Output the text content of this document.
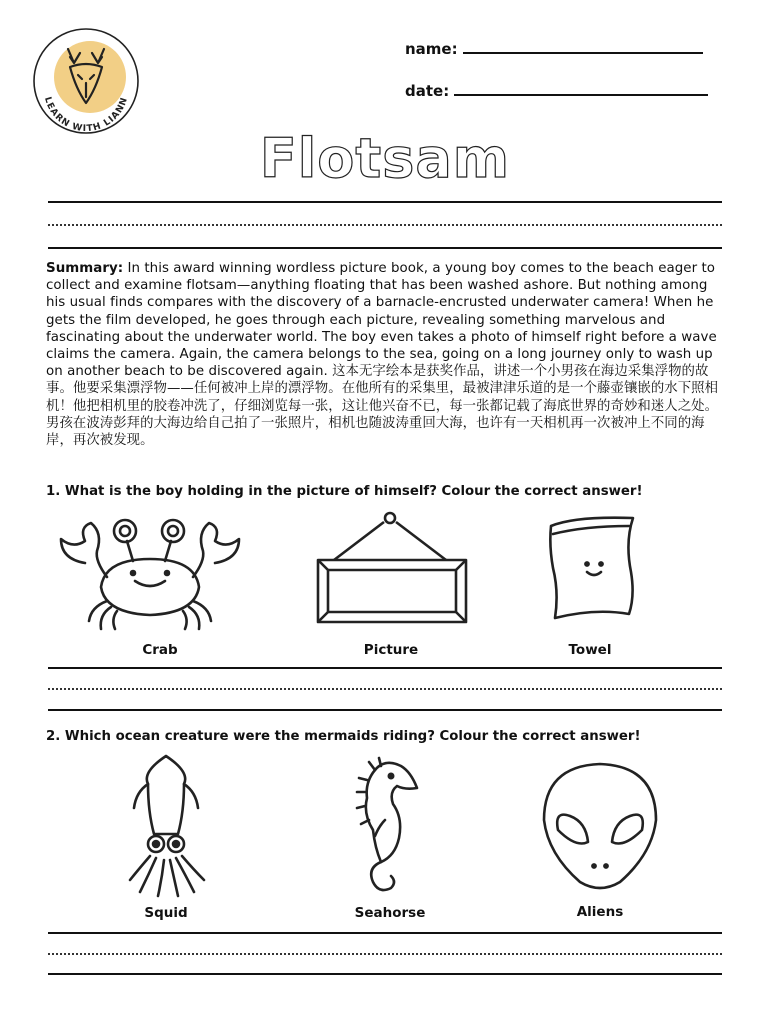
LEARN WITH LIANN
name:
date:
Flotsam
Summary: In this award winning wordless picture book, a young boy comes to the beach eager to collect and examine flotsam—anything floating that has been washed ashore. But nothing among his usual finds compares with the discovery of a barnacle-encrusted underwater camera! When he gets the film developed, he goes through each picture, revealing something marvelous and fascinating about the underwater world. The boy even takes a photo of himself right before a wave claims the camera. Again, the camera belongs to the sea, going on a long journey only to wash up on another beach to be discovered again. 这本无字绘本是获奖作品，讲述一个小男孩在海边采集浮物的故事。他要采集漂浮物——任何被冲上岸的漂浮物。在他所有的采集里，最被津津乐道的是一个藤壶镶嵌的水下照相机！他把相机里的胶卷冲洗了，仔细浏览每一张，这让他兴奋不已，每一张都记载了海底世界的奇妙和迷人之处。男孩在波涛彭拜的大海边给自己拍了一张照片，相机也随波涛重回大海，也许有一天相机再一次被冲上不同的海岸，再次被发现。
1. What is the boy holding in the picture of himself? Colour the correct answer!
Crab	Picture	Towel
2. Which ocean creature were the mermaids riding? Colour the correct answer!
Squid	Seahorse	Aliens
